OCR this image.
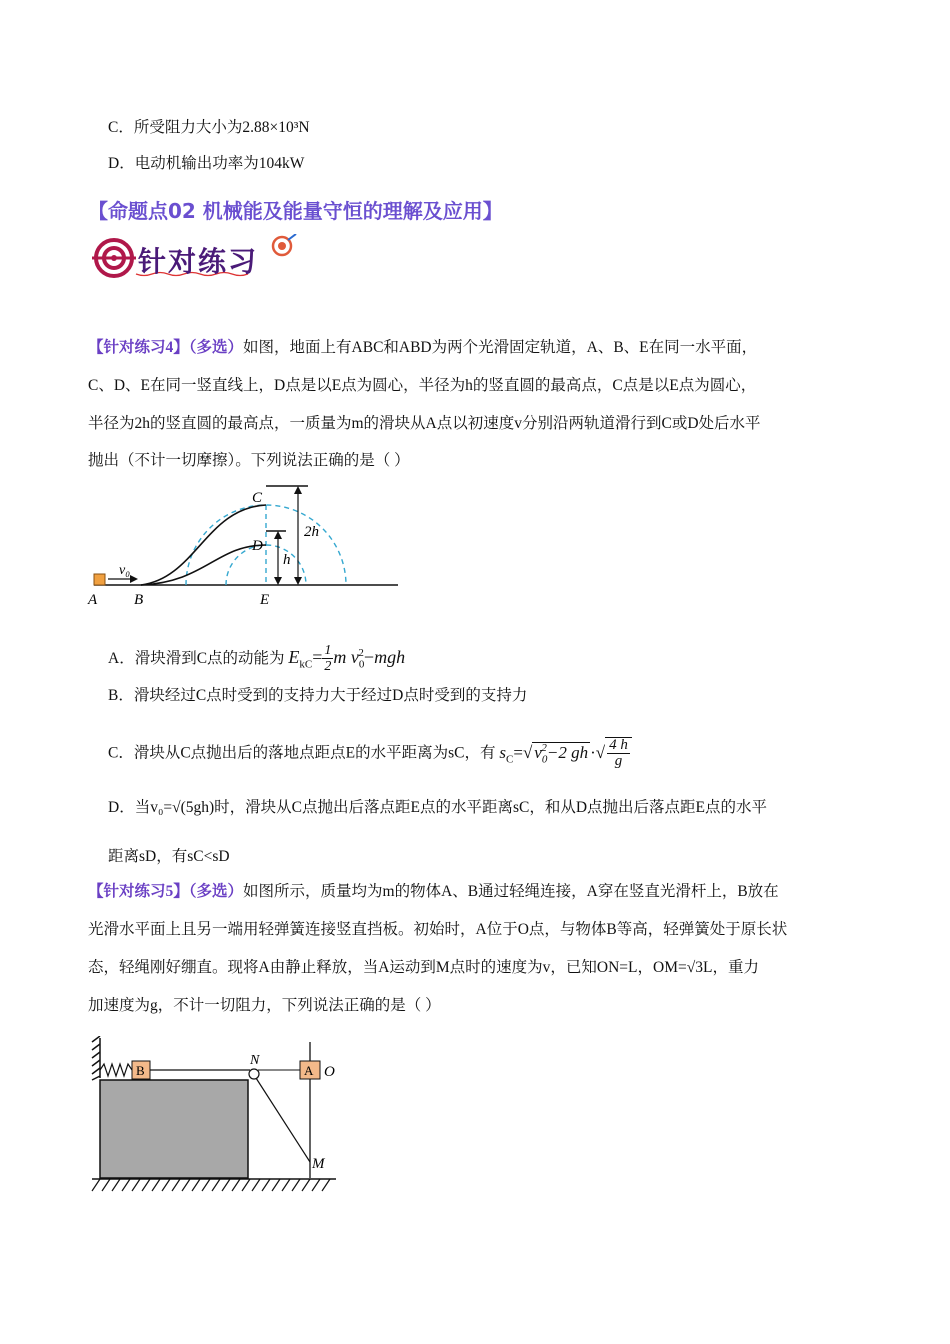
C．所受阻力大小为2.88×10³N
D．电动机输出功率为104kW
【命题点02 机械能及能量守恒的理解及应用】
针对练习
【针对练习4】（多选）如图，地面上有ABC和ABD为两个光滑固定轨道，A、B、E在同一水平面，
C、D、E在同一竖直线上，D点是以E点为圆心，半径为h的竖直圆的最高点，C点是以E点为圆心，
半径为2h的竖直圆的最高点，一质量为m的滑块从A点以初速度v分别沿两轨道滑行到C或D处后水平
抛出（不计一切摩擦）。下列说法正确的是（ ）
v₀
A B	E
C
D
2h
h
A．滑块滑到C点的动能为 $E_{kC}= \frac{1}{2}$ m $v_0^2-mgh$
B．滑块经过C点时受到的支持力大于经过D点时受到的支持力
C．滑块从C点抛出后的落地点距点E的水平距离为sC，有 $s_C=√$ $v_0^2-2$ gh ·√ $\frac{4 h}{g}$
D．当v₀=√(5gh)时，滑块从C点抛出后落点距E点的水平距离sC，和从D点抛出后落点距E点的水平
距离sD，有sC<sD
【针对练习5】（多选）如图所示，质量均为m的物体A、B通过轻绳连接，A穿在竖直光滑杆上，B放在
光滑水平面上且另一端用轻弹簧连接竖直挡板。初始时，A位于O点，与物体B等高，轻弹簧处于原长状
态，轻绳刚好绷直。现将A由静止释放，当A运动到M点时的速度为v，已知ON=L，OM=√3L，重力
加速度为g，不计一切阻力，下列说法正确的是（ ）
B
N
A O
M
